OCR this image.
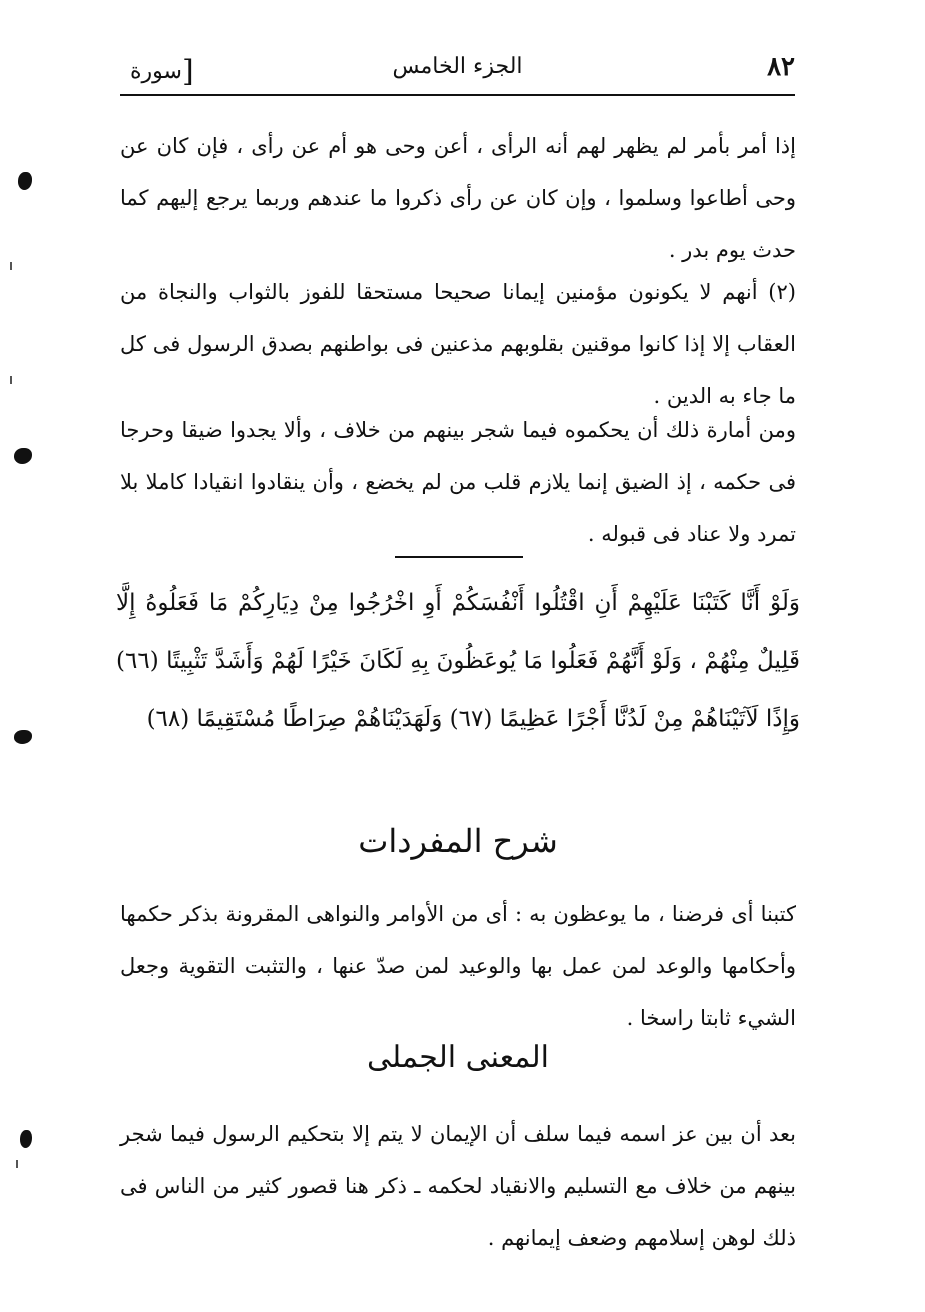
٨٢
الجزء الخامس
[سورة

إذا أمر بأمر لم يظهر لهم أنه الرأى ، أعن وحى هو أم عن رأى ، فإن كان عن وحى أطاعوا وسلموا ، وإن كان عن رأى ذكروا ما عندهم وربما يرجع إليهم كما حدث يوم بدر .

(٢) أنهم لا يكونون مؤمنين إيمانا صحيحا مستحقا للفوز بالثواب والنجاة من العقاب إلا إذا كانوا موقنين بقلوبهم مذعنين فى بواطنهم بصدق الرسول فى كل ما جاء به الدين .

ومن أمارة ذلك أن يحكموه فيما شجر بينهم من خلاف ، وألا يجدوا ضيقا وحرجا فى حكمه ، إذ الضيق إنما يلازم قلب من لم يخضع ، وأن ينقادوا انقيادا كاملا بلا تمرد ولا عناد فى قبوله .

وَلَوْ أَنَّا كَتَبْنَا عَلَيْهِمْ أَنِ اقْتُلُوا أَنْفُسَكُمْ أَوِ اخْرُجُوا مِنْ دِيَارِكُمْ مَا فَعَلُوهُ إِلَّا قَلِيلٌ مِنْهُمْ ، وَلَوْ أَنَّهُمْ فَعَلُوا مَا يُوعَظُونَ بِهِ لَكَانَ خَيْرًا لَهُمْ وَأَشَدَّ تَثْبِيتًا (٦٦) وَإِذًا لَآتَيْنَاهُمْ مِنْ لَدُنَّا أَجْرًا عَظِيمًا (٦٧) وَلَهَدَيْنَاهُمْ صِرَاطًا مُسْتَقِيمًا (٦٨)

شرح المفردات

كتبنا أى فرضنا ، ما يوعظون به : أى من الأوامر والنواهى المقرونة بذكر حكمها وأحكامها والوعد لمن عمل بها والوعيد لمن صدّ عنها ، والتثبت التقوية وجعل الشيء ثابتا راسخا .

المعنى الجملى

بعد أن بين عز اسمه فيما سلف أن الإيمان لا يتم إلا بتحكيم الرسول فيما شجر بينهم من خلاف مع التسليم والانقياد لحكمه ـ ذكر هنا قصور كثير من الناس فى ذلك لوهن إسلامهم وضعف إيمانهم .
